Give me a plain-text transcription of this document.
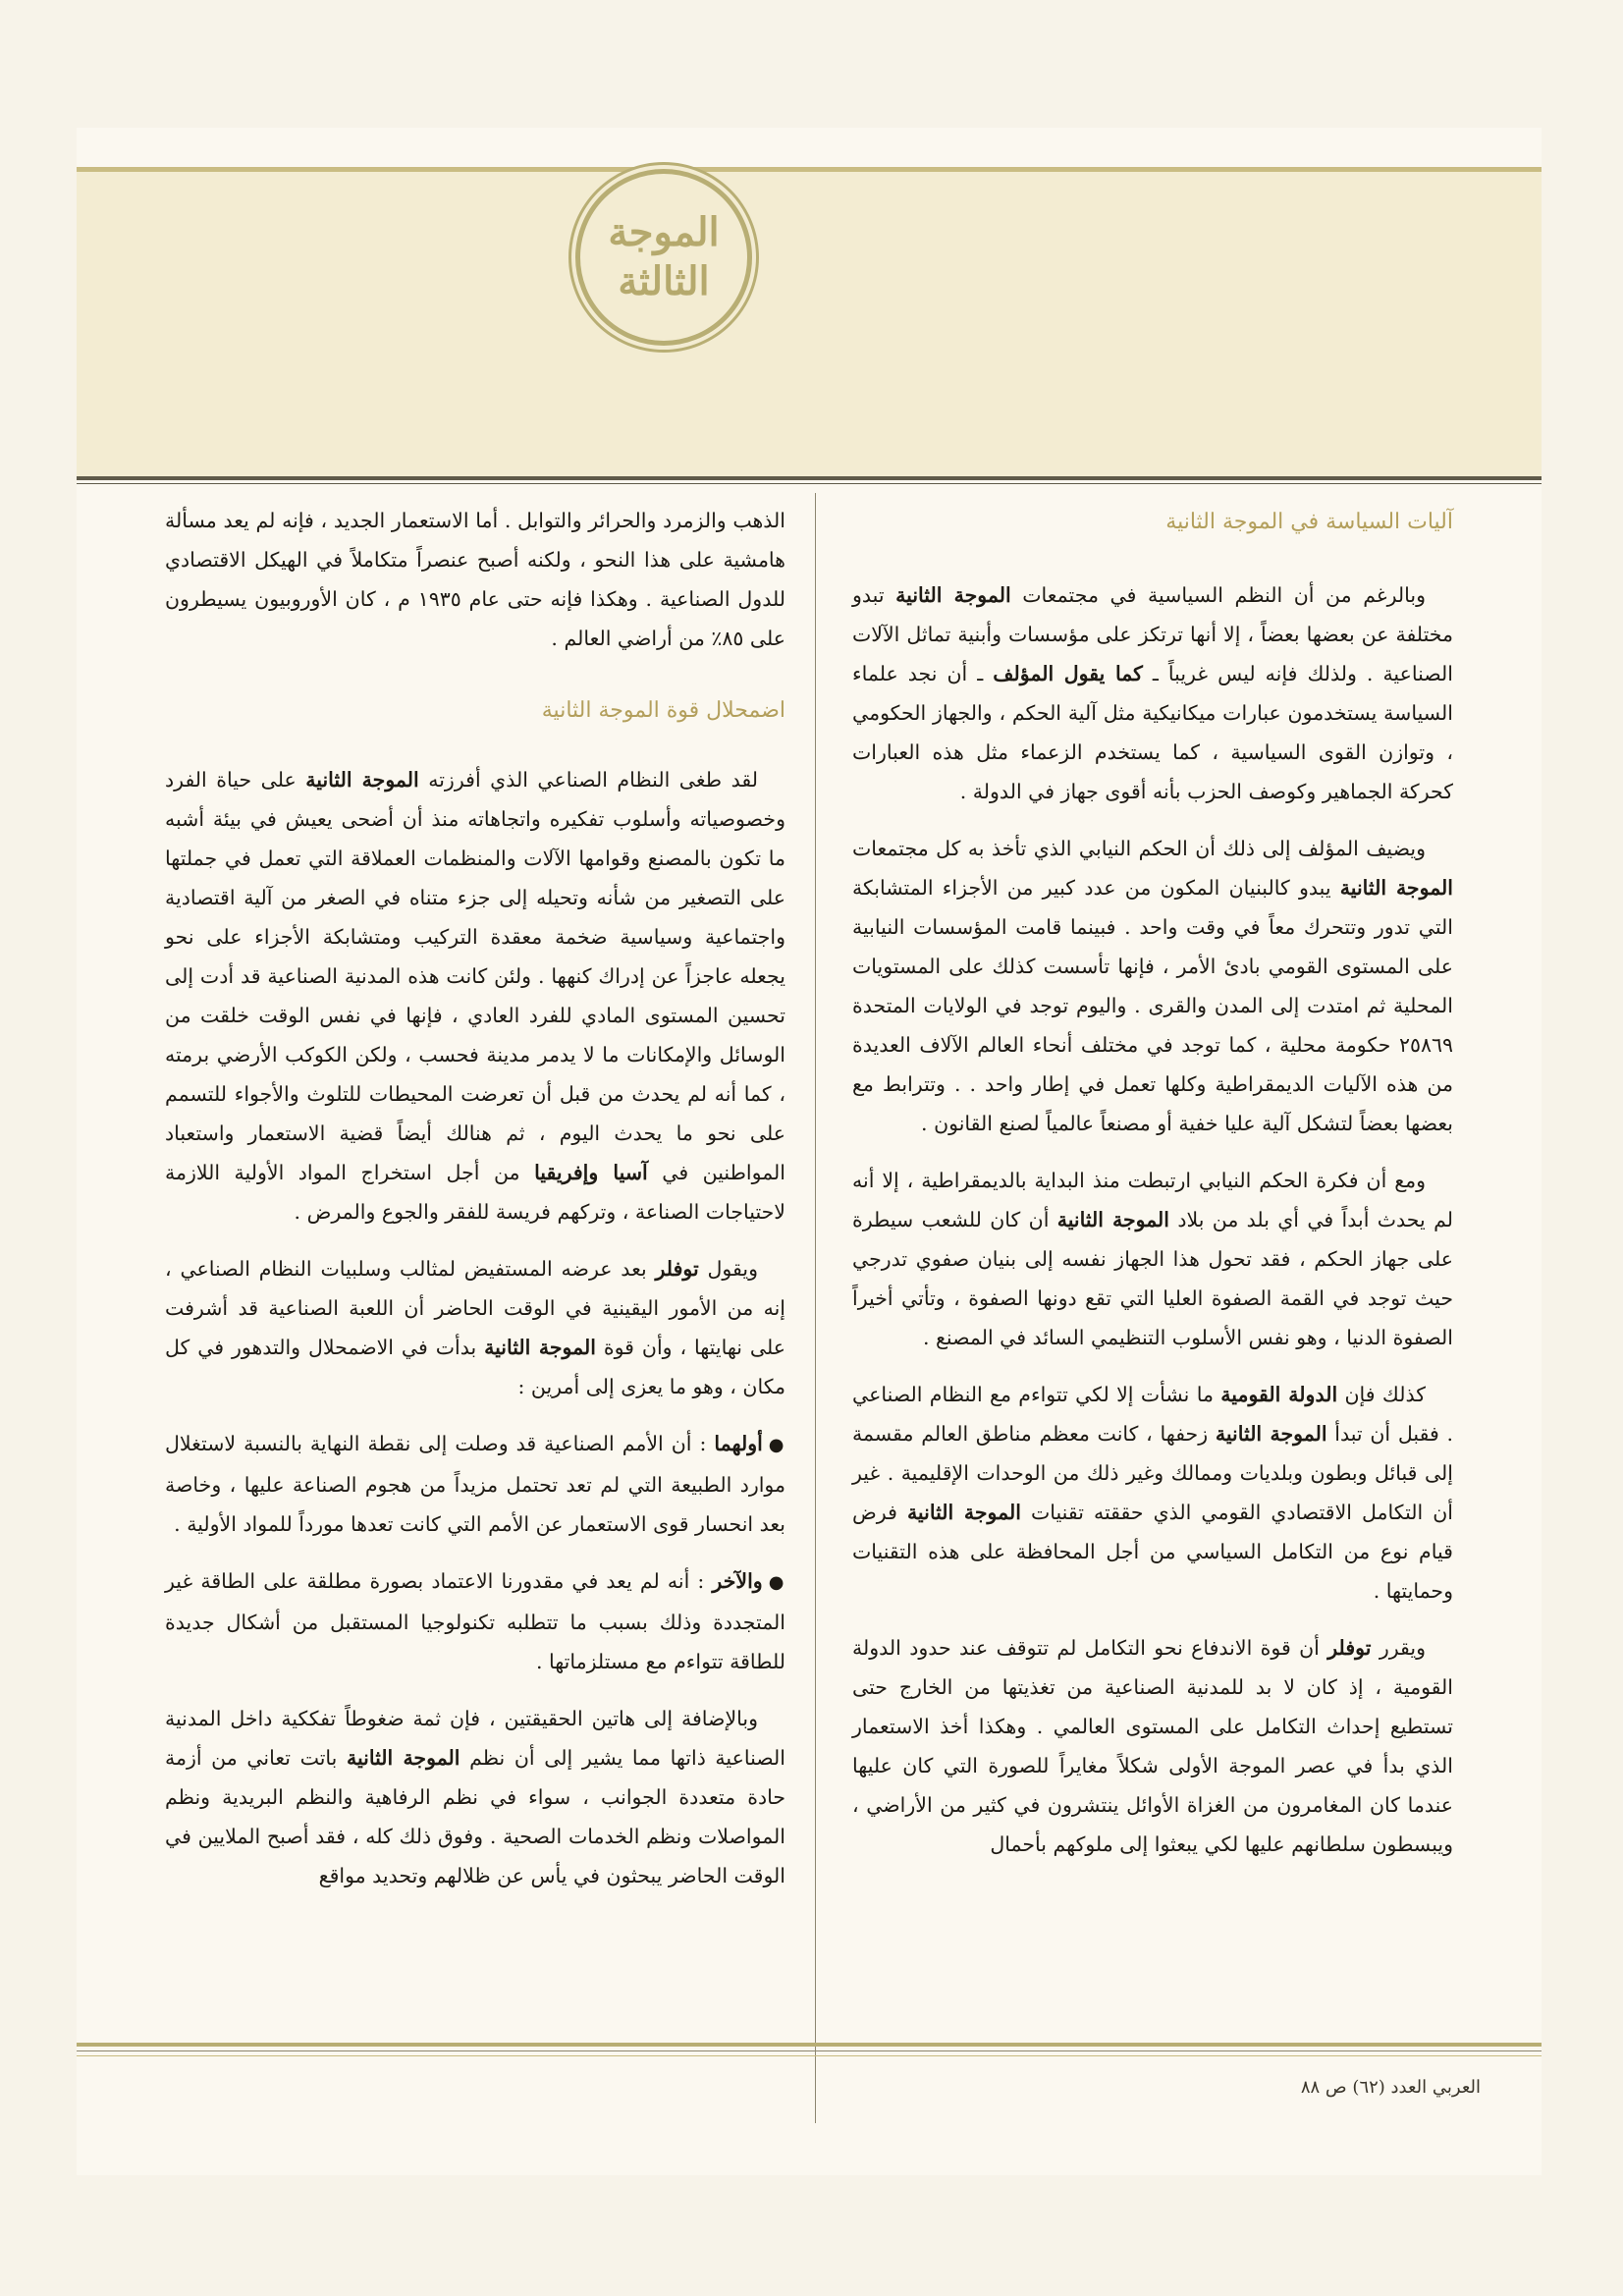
الموجة
الثالثة

آليات السياسة في الموجة الثانية

وبالرغم من أن النظم السياسية في مجتمعات الموجة الثانية تبدو مختلفة عن بعضها بعضاً ، إلا أنها ترتكز على مؤسسات وأبنية تماثل الآلات الصناعية . ولذلك فإنه ليس غريباً ـ كما يقول المؤلف ـ أن نجد علماء السياسة يستخدمون عبارات ميكانيكية مثل آلية الحكم ، والجهاز الحكومي ، وتوازن القوى السياسية ، كما يستخدم الزعماء مثل هذه العبارات كحركة الجماهير وكوصف الحزب بأنه أقوى جهاز في الدولة .

ويضيف المؤلف إلى ذلك أن الحكم النيابي الذي تأخذ به كل مجتمعات الموجة الثانية يبدو كالبنيان المكون من عدد كبير من الأجزاء المتشابكة التي تدور وتتحرك معاً في وقت واحد . فبينما قامت المؤسسات النيابية على المستوى القومي بادئ الأمر ، فإنها تأسست كذلك على المستويات المحلية ثم امتدت إلى المدن والقرى . واليوم توجد في الولايات المتحدة ٢٥٨٦٩ حكومة محلية ، كما توجد في مختلف أنحاء العالم الآلاف العديدة من هذه الآليات الديمقراطية وكلها تعمل في إطار واحد . . وتترابط مع بعضها بعضاً لتشكل آلية عليا خفية أو مصنعاً عالمياً لصنع القانون .

ومع أن فكرة الحكم النيابي ارتبطت منذ البداية بالديمقراطية ، إلا أنه لم يحدث أبداً في أي بلد من بلاد الموجة الثانية أن كان للشعب سيطرة على جهاز الحكم ، فقد تحول هذا الجهاز نفسه إلى بنيان صفوي تدرجي حيث توجد في القمة الصفوة العليا التي تقع دونها الصفوة ، وتأتي أخيراً الصفوة الدنيا ، وهو نفس الأسلوب التنظيمي السائد في المصنع .

كذلك فإن الدولة القومية ما نشأت إلا لكي تتواءم مع النظام الصناعي . فقبل أن تبدأ الموجة الثانية زحفها ، كانت معظم مناطق العالم مقسمة إلى قبائل وبطون وبلديات وممالك وغير ذلك من الوحدات الإقليمية . غير أن التكامل الاقتصادي القومي الذي حققته تقنيات الموجة الثانية فرض قيام نوع من التكامل السياسي من أجل المحافظة على هذه التقنيات وحمايتها .

ويقرر توفلر أن قوة الاندفاع نحو التكامل لم تتوقف عند حدود الدولة القومية ، إذ كان لا بد للمدنية الصناعية من تغذيتها من الخارج حتى تستطيع إحداث التكامل على المستوى العالمي . وهكذا أخذ الاستعمار الذي بدأ في عصر الموجة الأولى شكلاً مغايراً للصورة التي كان عليها عندما كان المغامرون من الغزاة الأوائل ينتشرون في كثير من الأراضي ، ويبسطون سلطانهم عليها لكي يبعثوا إلى ملوكهم بأحمال

الذهب والزمرد والحرائر والتوابل . أما الاستعمار الجديد ، فإنه لم يعد مسألة هامشية على هذا النحو ، ولكنه أصبح عنصراً متكاملاً في الهيكل الاقتصادي للدول الصناعية . وهكذا فإنه حتى عام ١٩٣٥ م ، كان الأوروبيون يسيطرون على ٨٥٪ من أراضي العالم .

اضمحلال قوة الموجة الثانية

لقد طغى النظام الصناعي الذي أفرزته الموجة الثانية على حياة الفرد وخصوصياته وأسلوب تفكيره واتجاهاته منذ أن أضحى يعيش في بيئة أشبه ما تكون بالمصنع وقوامها الآلات والمنظمات العملاقة التي تعمل في جملتها على التصغير من شأنه وتحيله إلى جزء متناه في الصغر من آلية اقتصادية واجتماعية وسياسية ضخمة معقدة التركيب ومتشابكة الأجزاء على نحو يجعله عاجزاً عن إدراك كنهها . ولئن كانت هذه المدنية الصناعية قد أدت إلى تحسين المستوى المادي للفرد العادي ، فإنها في نفس الوقت خلقت من الوسائل والإمكانات ما لا يدمر مدينة فحسب ، ولكن الكوكب الأرضي برمته ، كما أنه لم يحدث من قبل أن تعرضت المحيطات للتلوث والأجواء للتسمم على نحو ما يحدث اليوم ، ثم هنالك أيضاً قضية الاستعمار واستعباد المواطنين في آسيا وإفريقيا من أجل استخراج المواد الأولية اللازمة لاحتياجات الصناعة ، وتركهم فريسة للفقر والجوع والمرض .

ويقول توفلر بعد عرضه المستفيض لمثالب وسلبيات النظام الصناعي ، إنه من الأمور اليقينية في الوقت الحاضر أن اللعبة الصناعية قد أشرفت على نهايتها ، وأن قوة الموجة الثانية بدأت في الاضمحلال والتدهور في كل مكان ، وهو ما يعزى إلى أمرين :

●أولهما : أن الأمم الصناعية قد وصلت إلى نقطة النهاية بالنسبة لاستغلال موارد الطبيعة التي لم تعد تحتمل مزيداً من هجوم الصناعة عليها ، وخاصة بعد انحسار قوى الاستعمار عن الأمم التي كانت تعدها مورداً للمواد الأولية .

●والآخر : أنه لم يعد في مقدورنا الاعتماد بصورة مطلقة على الطاقة غير المتجددة وذلك بسبب ما تتطلبه تكنولوجيا المستقبل من أشكال جديدة للطاقة تتواءم مع مستلزماتها .

وبالإضافة إلى هاتين الحقيقتين ، فإن ثمة ضغوطاً تفككية داخل المدنية الصناعية ذاتها مما يشير إلى أن نظم الموجة الثانية باتت تعاني من أزمة حادة متعددة الجوانب ، سواء في نظم الرفاهية والنظم البريدية ونظم المواصلات ونظم الخدمات الصحية . وفوق ذلك كله ، فقد أصبح الملايين في الوقت الحاضر يبحثون في يأس عن ظلالهم وتحديد مواقع

العربي العدد (٦٢) ص ٨٨
